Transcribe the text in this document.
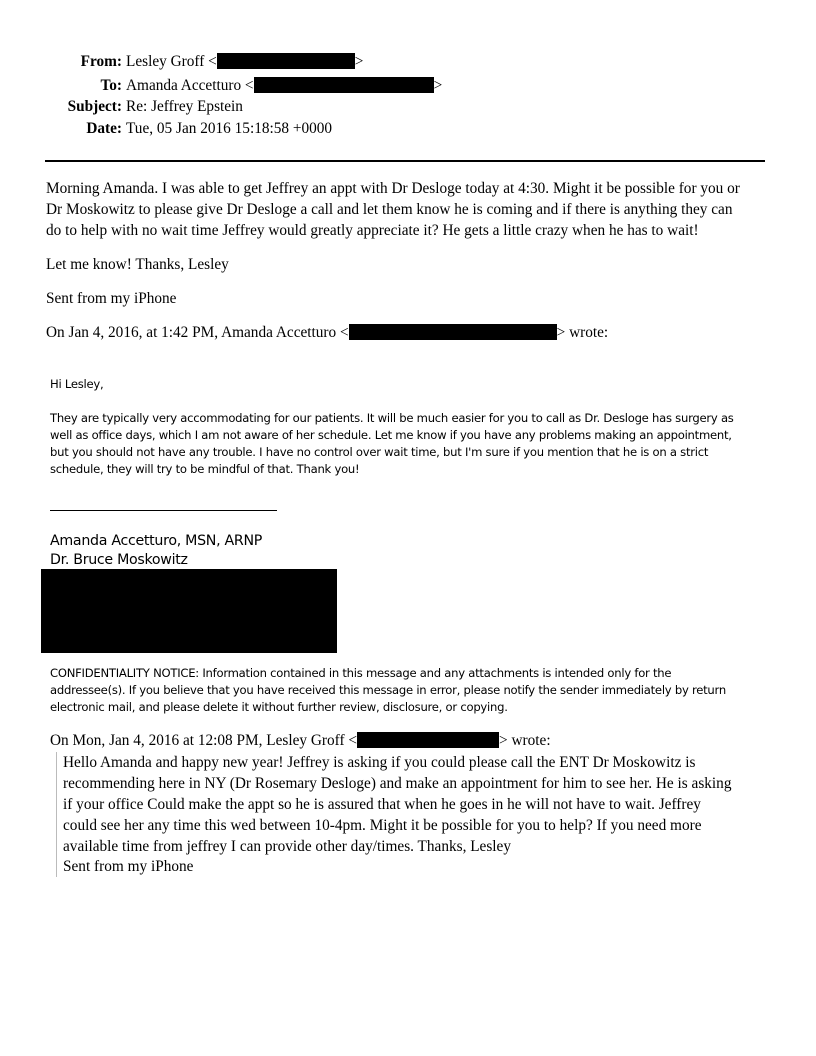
From: Lesley Groff <	>
To: Amanda Accetturo <	>
Subject: Re: Jeffrey Epstein
Date: Tue, 05 Jan 2016 15:18:58 +0000
Morning Amanda. I was able to get Jeffrey an appt with Dr Desloge today at 4:30. Might it be possible for you or
Dr Moskowitz to please give Dr Desloge a call and let them know he is coming and if there is anything they can
do to help with no wait time Jeffrey would greatly appreciate it? He gets a little crazy when he has to wait!
Let me know! Thanks, Lesley
Sent from my iPhone
On Jan 4, 2016, at 1:42 PM, Amanda Accetturo <	> wrote:
Hi Lesley,
They are typically very accommodating for our patients. It will be much easier for you to call as Dr. Desloge has surgery as
well as office days, which I am not aware of her schedule. Let me know if you have any problems making an appointment,
but you should not have any trouble. I have no control over wait time, but I'm sure if you mention that he is on a strict
schedule, they will try to be mindful of that. Thank you!
Amanda Accetturo, MSN, ARNP
Dr. Bruce Moskowitz
CONFIDENTIALITY NOTICE: Information contained in this message and any attachments is intended only for the
addressee(s). If you believe that you have received this message in error, please notify the sender immediately by return
electronic mail, and please delete it without further review, disclosure, or copying.
On Mon, Jan 4, 2016 at 12:08 PM, Lesley Groff <	> wrote:
Hello Amanda and happy new year! Jeffrey is asking if you could please call the ENT Dr Moskowitz is
recommending here in NY (Dr Rosemary Desloge) and make an appointment for him to see her. He is asking
if your office Could make the appt so he is assured that when he goes in he will not have to wait. Jeffrey
could see her any time this wed between 10-4pm. Might it be possible for you to help? If you need more
available time from jeffrey I can provide other day/times. Thanks, Lesley
Sent from my iPhone
